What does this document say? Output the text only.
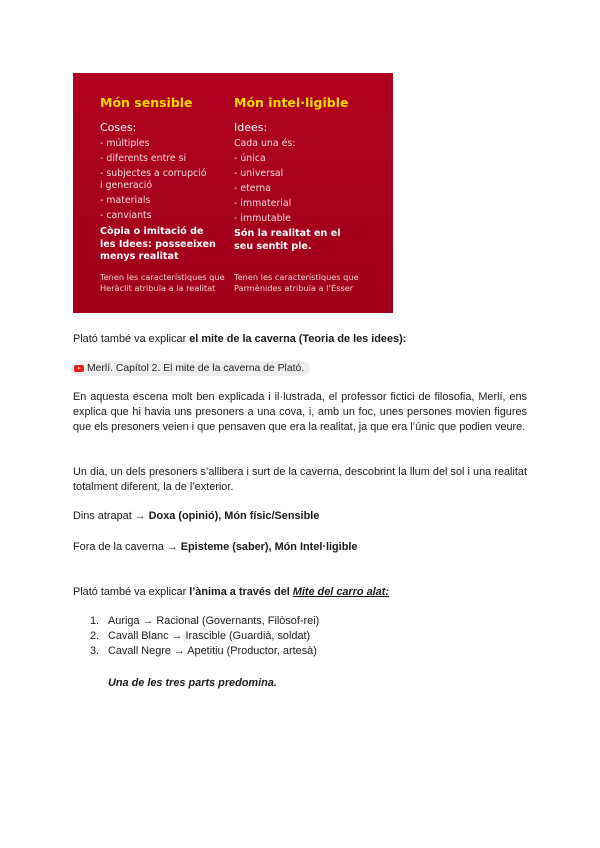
Món sensible
Coses:
- múltiples
- diferents entre si
- subjectes a corrupció
i generació
- materials
- canviants
Còpia o imitació de
les Idees: posseeixen
menys realitat
Tenen les característiques que
Heràclit atribuïa a la realitat
Món intel·ligible
Idees:
Cada una és:
- única
- universal
- eterna
- immaterial
- immutable
Són la realitat en el
seu sentit ple.
Tenen les característiques que
Parmènides atribuïa a l’Ésser
Plató també va explicar el mite de la caverna (Teoria de les idees):
Merlí. Capítol 2. El mite de la caverna de Plató.
En aquesta escena molt ben explicada i il·lustrada, el professor fictici de filosofia, Merlí, ens explica que hi havia uns presoners a una cova, i, amb un foc, unes persones movien figures que els presoners veien i que pensaven que era la realitat, ja que era l’únic que podien veure.
Un dia, un dels presoners s’allibera i surt de la caverna, descobrint la llum del sol i una realitat totalment diferent, la de l’exterior.
Dins atrapat → Doxa (opinió), Món físic/Sensible
Fora de la caverna → Episteme (saber), Món Intel·ligible
Plató també va explicar l’ànima a través del Mite del carro alat:
1. Auriga → Racional (Governants, Filòsof-rei)
2. Cavall Blanc → Irascible (Guardià, soldat)
3. Cavall Negre → Apetitiu (Productor, artesà)
Una de les tres parts predomina.
